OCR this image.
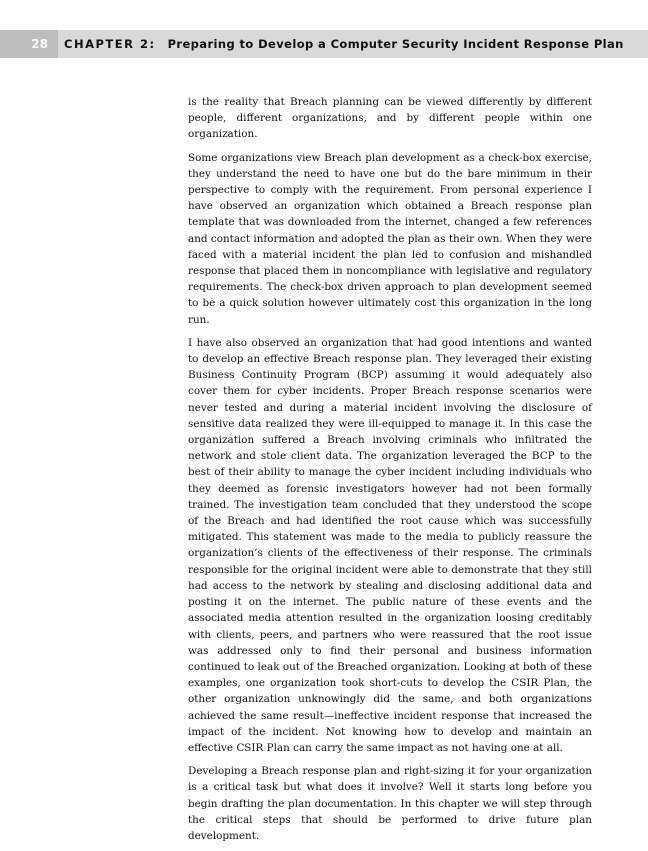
28	CHAPTER 2: Preparing to Develop a Computer Security Incident Response Plan

is the reality that Breach planning can be viewed differently by different people, different organizations, and by different people within one organization.

Some organizations view Breach plan development as a check-box exercise, they understand the need to have one but do the bare minimum in their perspective to comply with the requirement. From personal experience I have observed an organization which obtained a Breach response plan template that was downloaded from the internet, changed a few references and contact information and adopted the plan as their own. When they were faced with a material incident the plan led to confusion and mishandled response that placed them in noncompliance with legislative and regulatory requirements. The check-box driven approach to plan development seemed to be a quick solution however ultimately cost this organization in the long run.

I have also observed an organization that had good intentions and wanted to develop an effective Breach response plan. They leveraged their existing Business Continuity Program (BCP) assuming it would adequately also cover them for cyber incidents. Proper Breach response scenarios were never tested and during a material incident involving the disclosure of sensitive data realized they were ill-equipped to manage it. In this case the organization suffered a Breach involving criminals who infiltrated the network and stole client data. The organization leveraged the BCP to the best of their ability to manage the cyber incident including individuals who they deemed as forensic investigators however had not been formally trained. The investigation team concluded that they understood the scope of the Breach and had identified the root cause which was successfully mitigated. This statement was made to the media to publicly reassure the organization’s clients of the effectiveness of their response. The criminals responsible for the original incident were able to demonstrate that they still had access to the network by stealing and disclosing additional data and posting it on the internet. The public nature of these events and the associated media attention resulted in the organization loosing creditably with clients, peers, and partners who were reassured that the root issue was addressed only to find their personal and business information continued to leak out of the Breached organization. Looking at both of these examples, one organization took short-cuts to develop the CSIR Plan, the other organization unknowingly did the same, and both organizations achieved the same result—ineffective incident response that increased the impact of the incident. Not knowing how to develop and maintain an effective CSIR Plan can carry the same impact as not having one at all.

Developing a Breach response plan and right-sizing it for your organization is a critical task but what does it involve? Well it starts long before you begin drafting the plan documentation. In this chapter we will step through the critical steps that should be performed to drive future plan development.
